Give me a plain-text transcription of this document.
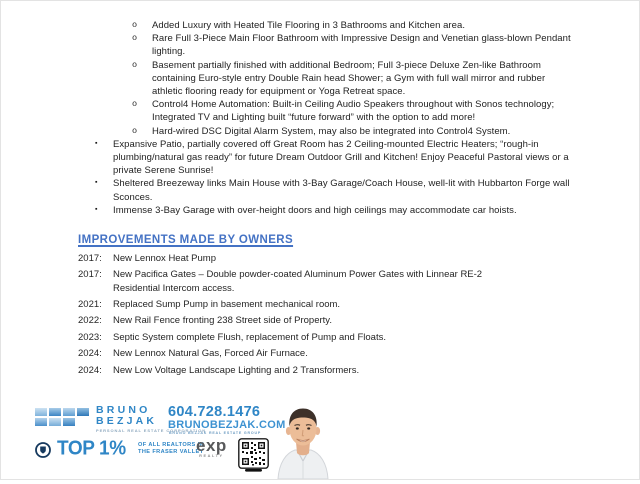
o Added Luxury with Heated Tile Flooring in 3 Bathrooms and Kitchen area.
o Rare Full 3-Piece Main Floor Bathroom with Impressive Design and Venetian glass-blown Pendant lighting.
o Basement partially finished with additional Bedroom; Full 3-piece Deluxe Zen-like Bathroom containing Euro-style entry Double Rain head Shower; a Gym with full wall mirror and rubber athletic flooring ready for equipment or Yoga Retreat space.
o Control4 Home Automation: Built-in Ceiling Audio Speakers throughout with Sonos technology; Integrated TV and Lighting built “future forward” with the option to add more!
o Hard-wired DSC Digital Alarm System, may also be integrated into Control4 System.
▪ Expansive Patio, partially covered off Great Room has 2 Ceiling-mounted Electric Heaters; “rough-in plumbing/natural gas ready” for future Dream Outdoor Grill and Kitchen! Enjoy Peaceful Pastoral views or a private Serene Sunrise!
▪ Sheltered Breezeway links Main House with 3-Bay Garage/Coach House, well-lit with Hubbarton Forge wall Sconces.
▪ Immense 3-Bay Garage with over-height doors and high ceilings may accommodate car hoists.
IMPROVEMENTS MADE BY OWNERS
2017:	New Lennox Heat Pump
2017:	New Pacifica Gates – Double powder-coated Aluminum Power Gates with Linnear RE-2 Residential Intercom access.
2021:	Replaced Sump Pump in basement mechanical room.
2022:	New Rail Fence fronting 238 Street side of Property.
2023:	Septic System complete Flush, replacement of Pump and Floats.
2024:	New Lennox Natural Gas, Forced Air Furnace.
2024:	New Low Voltage Landscape Lighting and 2 Transformers.
BRUNO
BEZJAK
PERSONAL REAL ESTATE CORPORATION
604.728.1476
BRUNOBEZJAK.COM
BRUNO BEZJAK REAL ESTATE GROUP
TOP 1% OF ALL REALTORS IN
THE FRASER VALLEY
exp
REALTY
